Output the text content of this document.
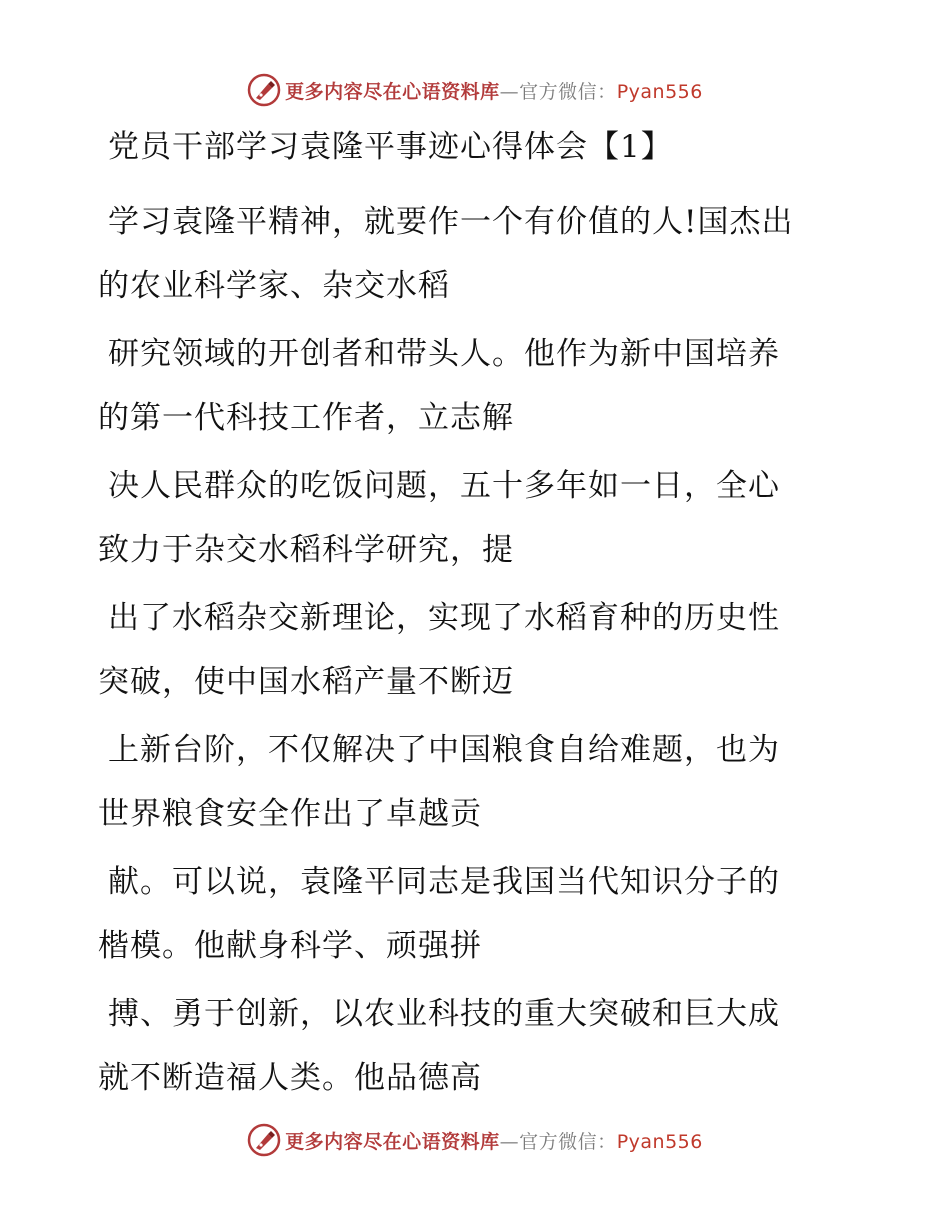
更多内容尽在心语资料库—官方微信：Pyan556
党员干部学习袁隆平事迹心得体会【1】
学习袁隆平精神，就要作一个有价值的人!国杰出
的农业科学家、杂交水稻
研究领域的开创者和带头人。他作为新中国培养
的第一代科技工作者，立志解
决人民群众的吃饭问题，五十多年如一日，全心
致力于杂交水稻科学研究，提
出了水稻杂交新理论，实现了水稻育种的历史性
突破，使中国水稻产量不断迈
上新台阶，不仅解决了中国粮食自给难题，也为
世界粮食安全作出了卓越贡
献。可以说，袁隆平同志是我国当代知识分子的
楷模。他献身科学、顽强拼
搏、勇于创新，以农业科技的重大突破和巨大成
就不断造福人类。他品德高
更多内容尽在心语资料库—官方微信：Pyan556
